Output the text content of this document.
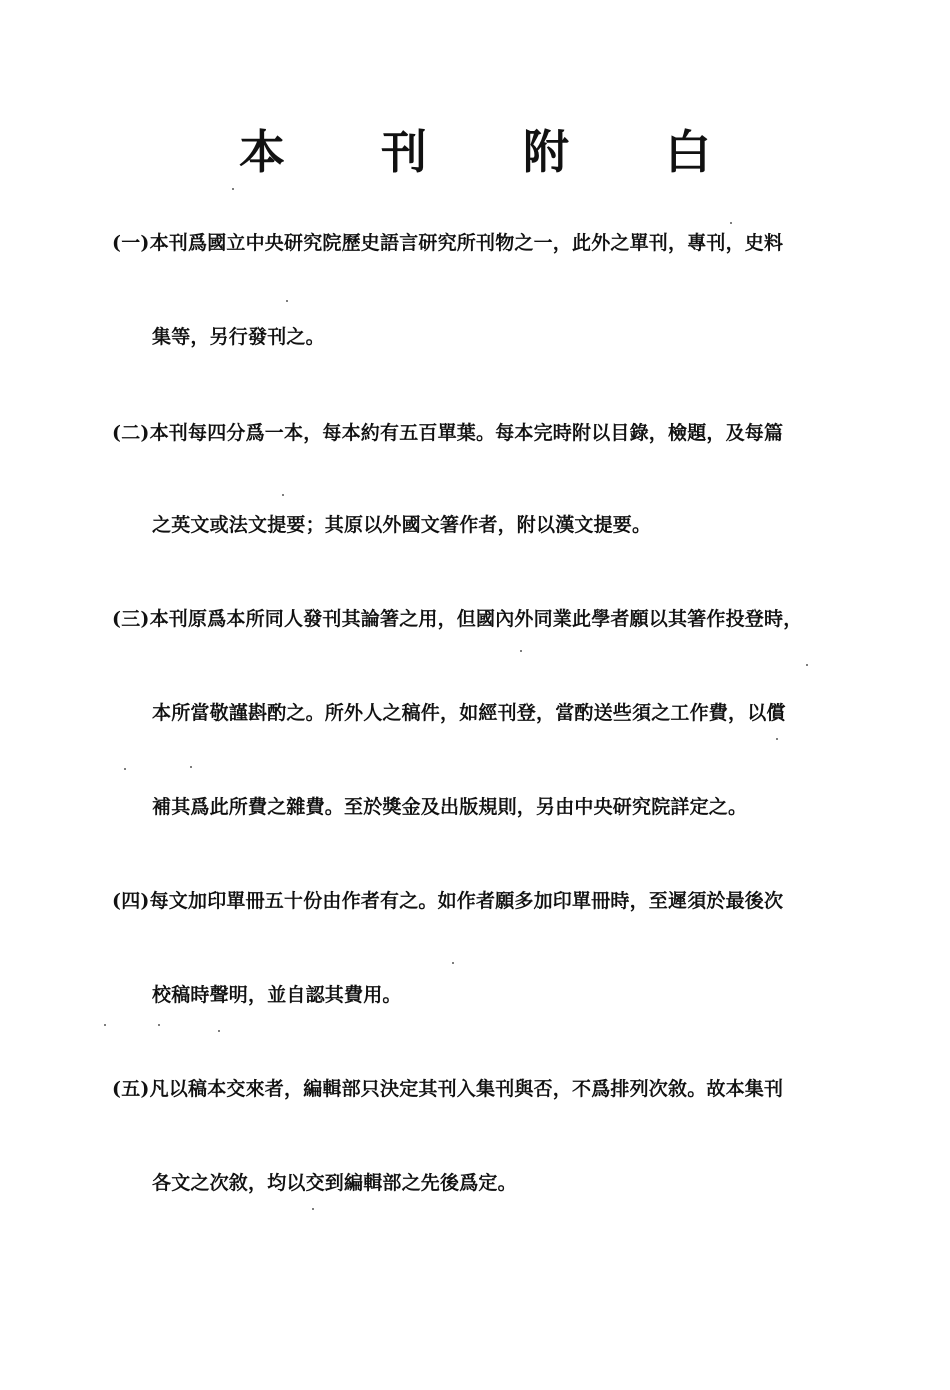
本 刊 附 白
(一)本刊爲國立中央研究院歷史語言研究所刊物之一，此外之單刊，專刊，史料
集等，另行發刊之。
(二)本刊每四分爲一本，每本約有五百單葉。每本完時附以目錄，檢題，及每篇
之英文或法文提要；其原以外國文箸作者，附以漢文提要。
(三)本刊原爲本所同人發刊其論箸之用，但國內外同業此學者願以其箸作投登時，
本所當敬謹斟酌之。所外人之稿件，如經刊登，當酌送些須之工作費，以償
補其爲此所費之雜費。至於獎金及出版規則，另由中央研究院詳定之。
(四)每文加印單冊五十份由作者有之。如作者願多加印單冊時，至遲須於最後次
校稿時聲明，並自認其費用。
(五)凡以稿本交來者，編輯部只決定其刊入集刊與否，不爲排列次敘。故本集刊
各文之次敘，均以交到編輯部之先後爲定。
